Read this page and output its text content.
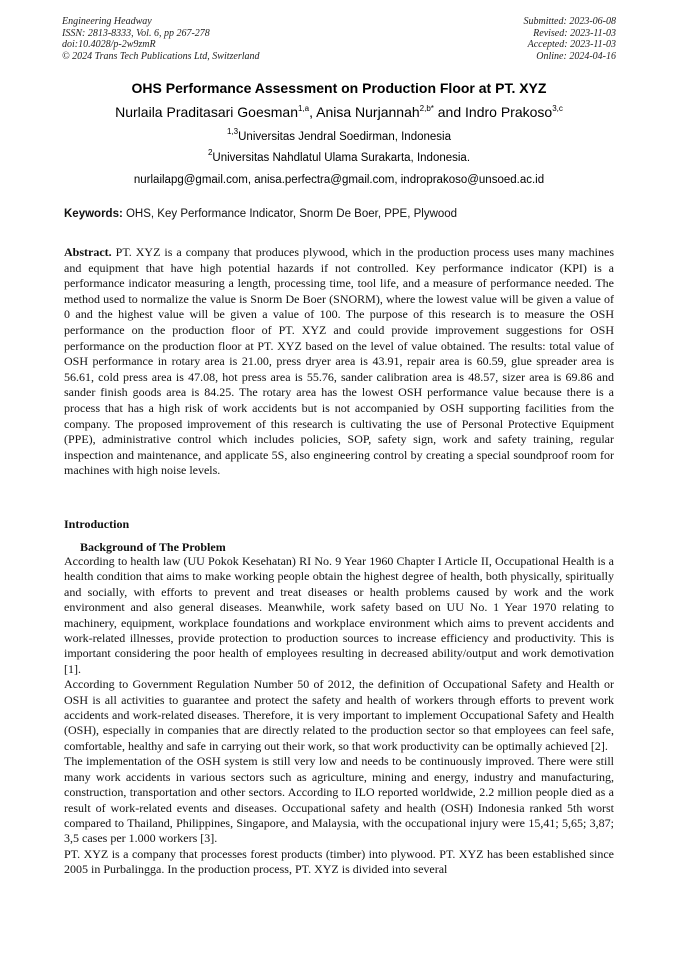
Engineering Headway
ISSN: 2813-8333, Vol. 6, pp 267-278
doi:10.4028/p-2w9zmR
© 2024 Trans Tech Publications Ltd, Switzerland
Submitted: 2023-06-08
Revised: 2023-11-03
Accepted: 2023-11-03
Online: 2024-04-16
OHS Performance Assessment on Production Floor at PT. XYZ
Nurlaila Praditasari Goesman$^{1,a}$, Anisa Nurjannah$^{2,b*}$ and Indro Prakoso$^{3,c}$
$^{1,3}$Universitas Jendral Soedirman, Indonesia
$^2$Universitas Nahdlatul Ulama Surakarta, Indonesia.
nurlailapg@gmail.com, anisa.perfectra@gmail.com, indroprakoso@unsoed.ac.id
Keywords: OHS, Key Performance Indicator, Snorm De Boer, PPE, Plywood
Abstract. PT. XYZ is a company that produces plywood, which in the production process uses many machines and equipment that have high potential hazards if not controlled. Key performance indicator (KPI) is a performance indicator measuring a length, processing time, tool life, and a measure of performance needed. The method used to normalize the value is Snorm De Boer (SNORM), where the lowest value will be given a value of 0 and the highest value will be given a value of 100. The purpose of this research is to measure the OSH performance on the production floor of PT. XYZ and could provide improvement suggestions for OSH performance on the production floor at PT. XYZ based on the level of value obtained. The results: total value of OSH performance in rotary area is 21.00, press dryer area is 43.91, repair area is 60.59, glue spreader area is 56.61, cold press area is 47.08, hot press area is 55.76, sander calibration area is 48.57, sizer area is 69.86 and sander finish goods area is 84.25. The rotary area has the lowest OSH performance value because there is a process that has a high risk of work accidents but is not accompanied by OSH supporting facilities from the company. The proposed improvement of this research is cultivating the use of Personal Protective Equipment (PPE), administrative control which includes policies, SOP, safety sign, work and safety training, regular inspection and maintenance, and applicate 5S, also engineering control by creating a special soundproof room for machines with high noise levels.
Introduction
Background of The Problem

According to health law (UU Pokok Kesehatan) RI No. 9 Year 1960 Chapter I Article II, Occupational Health is a health condition that aims to make working people obtain the highest degree of health, both physically, spiritually and socially, with efforts to prevent and treat diseases or health problems caused by work and the work environment and also general diseases. Meanwhile, work safety based on UU No. 1 Year 1970 relating to machinery, equipment, workplace foundations and workplace environment which aims to prevent accidents and work-related illnesses, provide protection to production sources to increase efficiency and productivity. This is important considering the poor health of employees resulting in decreased ability/output and work demotivation [1].

According to Government Regulation Number 50 of 2012, the definition of Occupational Safety and Health or OSH is all activities to guarantee and protect the safety and health of workers through efforts to prevent work accidents and work-related diseases. Therefore, it is very important to implement Occupational Safety and Health (OSH), especially in companies that are directly related to the production sector so that employees can feel safe, comfortable, healthy and safe in carrying out their work, so that work productivity can be optimally achieved [2].

The implementation of the OSH system is still very low and needs to be continuously improved. There were still many work accidents in various sectors such as agriculture, mining and energy, industry and manufacturing, construction, transportation and other sectors. According to ILO reported worldwide, 2.2 million people died as a result of work-related events and diseases. Occupational safety and health (OSH) Indonesia ranked 5th worst compared to Thailand, Philippines, Singapore, and Malaysia, with the occupational injury were 15,41; 5,65; 3,87; 3,5 cases per 1.000 workers [3].

PT. XYZ is a company that processes forest products (timber) into plywood. PT. XYZ has been established since 2005 in Purbalingga. In the production process, PT. XYZ is divided into several
